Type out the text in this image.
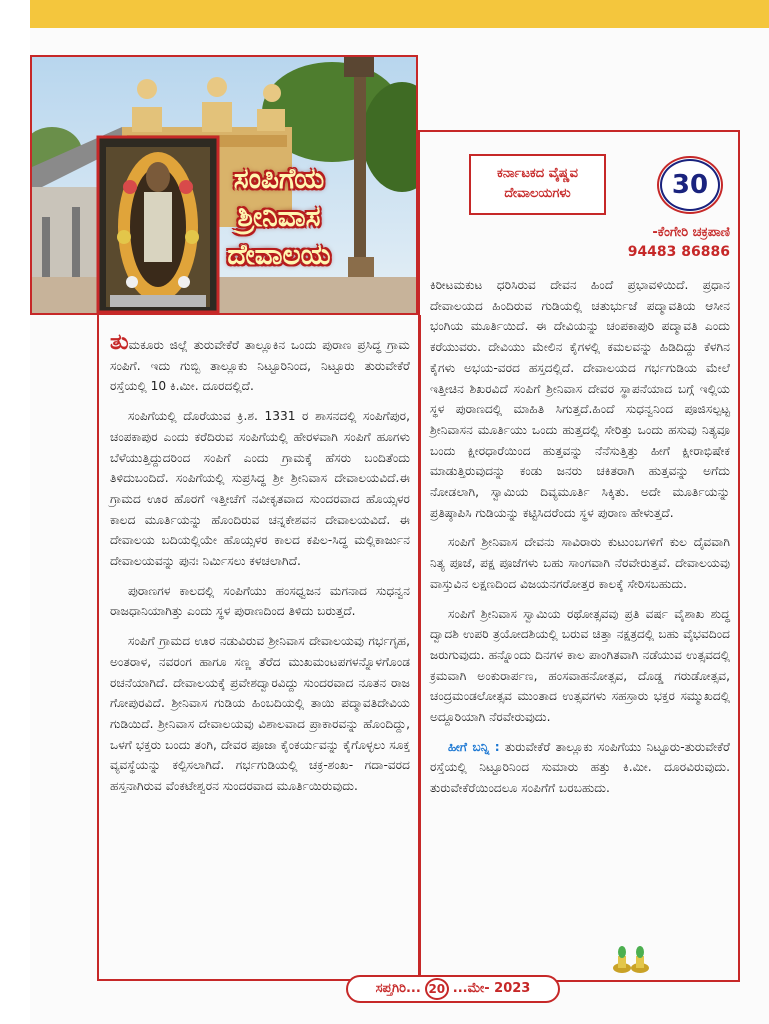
ಸಂಪಿಗೆಯ
ಶ್ರೀನಿವಾಸ
ದೇವಾಲಯ
ಕರ್ನಾಟಕದ ವೈಷ್ಣವ
ದೇವಾಲಯಗಳು	30
-ಕೆಂಗೇರಿ ಚಕ್ರಪಾಣಿ
94483 86886

ತುಮಕೂರು ಜಿಲ್ಲೆ ತುರುವೇಕೆರೆ ತಾಲ್ಲೂಕಿನ ಒಂದು ಪುರಾಣ ಪ್ರಸಿದ್ಧ ಗ್ರಾಮ ಸಂಪಿಗೆ. ಇದು ಗುಬ್ಬಿ ತಾಲ್ಲೂಕು ನಿಟ್ಟೂರಿನಿಂದ, ನಿಟ್ಟೂರು ತುರುವೇಕೆರೆ ರಸ್ತೆಯಲ್ಲಿ 10 ಕಿ.ಮೀ. ದೂರದಲ್ಲಿದೆ.

ಸಂಪಿಗೆಯಲ್ಲಿ ದೊರೆಯುವ ಕ್ರಿ.ಶ. 1331 ರ ಶಾಸನದಲ್ಲಿ ಸಂಪಿಗೆಪುರ, ಚಂಪಕಾಪುರ ಎಂದು ಕರೆದಿರುವ ಸಂಪಿಗೆಯಲ್ಲಿ ಹೇರಳವಾಗಿ ಸಂಪಿಗೆ ಹೂಗಳು ಬೆಳೆಯುತ್ತಿದ್ದುದರಿಂದ ಸಂಪಿಗೆ ಎಂದು ಗ್ರಾಮಕ್ಕೆ ಹೆಸರು ಬಂದಿತೆಂದು ತಿಳಿದುಬಂದಿದೆ. ಸಂಪಿಗೆಯಲ್ಲಿ ಸುಪ್ರಸಿದ್ಧ ಶ್ರೀ ಶ್ರೀನಿವಾಸ ದೇವಾಲಯವಿದೆ.ಈ ಗ್ರಾಮದ ಊರ ಹೊರಗೆ ಇತ್ತೀಚೆಗೆ ನವೀಕೃತವಾದ ಸುಂದರವಾದ ಹೊಯ್ಸಳರ ಕಾಲದ ಮೂರ್ತಿಯನ್ನು ಹೊಂದಿರುವ ಚನ್ನಕೇಶವನ ದೇವಾಲಯವಿದೆ. ಈ ದೇವಾಲಯ ಬದಿಯಲ್ಲಿಯೇ ಹೊಯ್ಸಳರ ಕಾಲದ ಕಪಿಲ-ಸಿದ್ಧ ಮಲ್ಲಿಕಾರ್ಜುನ ದೇವಾಲಯವನ್ನು ಪುನಃ ನಿರ್ಮಿಸಲು ಕಳಚಲಾಗಿದೆ.

ಪುರಾಣಗಳ ಕಾಲದಲ್ಲಿ ಸಂಪಿಗೆಯು ಹಂಸಧ್ವಜನ ಮಗನಾದ ಸುಧನ್ವನ ರಾಜಧಾನಿಯಾಗಿತ್ತು ಎಂದು ಸ್ಥಳ ಪುರಾಣದಿಂದ ತಿಳಿದು ಬರುತ್ತದೆ.

ಸಂಪಿಗೆ ಗ್ರಾಮದ ಊರ ನಡುವಿರುವ ಶ್ರೀನಿವಾಸ ದೇವಾಲಯವು ಗರ್ಭಗೃಹ, ಅಂತರಾಳ, ನವರಂಗ ಹಾಗೂ ಸಣ್ಣ ತೆರೆದ ಮುಖಮಂಟಪಗಳನ್ನೊಳಗೊಂಡ ರಚನೆಯಾಗಿದೆ. ದೇವಾಲಯಕ್ಕೆ ಪ್ರವೇಶದ್ವಾರವಿದ್ದು ಸುಂದರವಾದ ನೂತನ ರಾಜ ಗೋಪುರವಿದೆ. ಶ್ರೀನಿವಾಸ ಗುಡಿಯ ಹಿಂಬದಿಯಲ್ಲಿ ತಾಯಿ ಪದ್ಮಾವತಿದೇವಿಯ ಗುಡಿಯಿದೆ. ಶ್ರೀನಿವಾಸ ದೇವಾಲಯವು ವಿಶಾಲವಾದ ಪ್ರಾಕಾರವನ್ನು ಹೊಂದಿದ್ದು, ಒಳಗೆ ಭಕ್ತರು ಬಂದು ತಂಗಿ, ದೇವರ ಪೂಜಾ ಕೈಂಕರ್ಯವನ್ನು ಕೈಗೊಳ್ಳಲು ಸೂಕ್ತ ವ್ಯವಸ್ಥೆಯನ್ನು ಕಲ್ಪಿಸಲಾಗಿದೆ. ಗರ್ಭಗುಡಿಯಲ್ಲಿ ಚಕ್ರ-ಶಂಖ- ಗದಾ-ವರದ ಹಸ್ತನಾಗಿರುವ ವೆಂಕಟೇಶ್ವರನ ಸುಂದರವಾದ ಮೂರ್ತಿಯಿರುವುದು.

ಕಿರೀಟಮಕುಟ ಧರಿಸಿರುವ ದೇವನ ಹಿಂದೆ ಪ್ರಭಾವಳಿಯಿದೆ. ಪ್ರಧಾನ ದೇವಾಲಯದ ಹಿಂದಿರುವ ಗುಡಿಯಲ್ಲಿ ಚತುರ್ಭುಜೆ ಪದ್ಮಾವತಿಯ ಆಸೀನ ಭಂಗಿಯ ಮೂರ್ತಿಯಿದೆ. ಈ ದೇವಿಯನ್ನು ಚಂಪಕಾಪುರಿ ಪದ್ಮಾವತಿ ಎಂದು ಕರೆಯುವರು. ದೇವಿಯು ಮೇಲಿನ ಕೈಗಳಲ್ಲಿ ಕಮಲವನ್ನು ಹಿಡಿದಿದ್ದು ಕೆಳಗಿನ ಕೈಗಳು ಅಭಯ-ವರದ ಹಸ್ತದಲ್ಲಿದೆ. ದೇವಾಲಯದ ಗರ್ಭಗುಡಿಯ ಮೇಲೆ ಇತ್ತೀಚಿನ ಶಿಖರವಿದೆ ಸಂಪಿಗೆ ಶ್ರೀನಿವಾಸ ದೇವರ ಸ್ಥಾಪನೆಯಾದ ಬಗ್ಗೆ ಇಲ್ಲಿಯ ಸ್ಥಳ ಪುರಾಣದಲ್ಲಿ ಮಾಹಿತಿ ಸಿಗುತ್ತದೆ.ಹಿಂದೆ ಸುಧನ್ವನಿಂದ ಪೂಜಿಸಲ್ಪಟ್ಟ ಶ್ರೀನಿವಾಸನ ಮೂರ್ತಿಯು ಒಂದು ಹುತ್ತದಲ್ಲಿ ಸೇರಿತ್ತು ಒಂದು ಹಸುವು ನಿತ್ಯವೂ ಬಂದು ಕ್ಷೀರಧಾರೆಯಿಂದ ಹುತ್ತವನ್ನು ನೆನೆಸುತ್ತಿತ್ತು ಹೀಗೆ ಕ್ಷೀರಾಭಿಷೇಕ ಮಾಡುತ್ತಿರುವುದನ್ನು ಕಂಡು ಜನರು ಚಕಿತರಾಗಿ ಹುತ್ತವನ್ನು ಅಗೆದು ನೋಡಲಾಗಿ, ಸ್ವಾಮಿಯ ದಿವ್ಯಮೂರ್ತಿ ಸಿಕ್ಕಿತು. ಅದೇ ಮೂರ್ತಿಯನ್ನು ಪ್ರತಿಷ್ಠಾಪಿಸಿ ಗುಡಿಯನ್ನು ಕಟ್ಟಿಸಿದರೆಂದು ಸ್ಥಳ ಪುರಾಣ ಹೇಳುತ್ತದೆ.

ಸಂಪಿಗೆ ಶ್ರೀನಿವಾಸ ದೇವನು ಸಾವಿರಾರು ಕುಟುಂಬಗಳಿಗೆ ಕುಲ ದೈವವಾಗಿ ನಿತ್ಯ ಪೂಜೆ, ಪಕ್ಷ ಪೂಜೆಗಳು ಬಹು ಸಾಂಗವಾಗಿ ನೆರವೇರುತ್ತವೆ. ದೇವಾಲಯವು ವಾಸ್ತುವಿನ ಲಕ್ಷಣದಿಂದ ವಿಜಯನಗರೋತ್ತರ ಕಾಲಕ್ಕೆ ಸೇರಿಸಬಹುದು.

ಸಂಪಿಗೆ ಶ್ರೀನಿವಾಸ ಸ್ವಾಮಿಯ ರಥೋತ್ಸವವು ಪ್ರತಿ ವರ್ಷ ವೈಶಾಖ ಶುದ್ಧ ದ್ವಾದಶಿ ಉಪರಿ ತ್ರಯೋದಶಿಯಲ್ಲಿ ಬರುವ ಚಿತ್ತಾ ನಕ್ಷತ್ರದಲ್ಲಿ ಬಹು ವೈಭವದಿಂದ ಜರುಗುವುದು. ಹನ್ನೊಂದು ದಿನಗಳ ಕಾಲ ಪಾಂಗಿತವಾಗಿ ನಡೆಯುವ ಉತ್ಸವದಲ್ಲಿ ಕ್ರಮವಾಗಿ ಅಂಕುರಾರ್ಪಣ, ಹಂಸವಾಹನೋತ್ಸವ, ದೊಡ್ಡ ಗರುಡೋತ್ಸವ, ಚಂದ್ರಮಂಡಲೋತ್ಸವ ಮುಂತಾದ ಉತ್ಸವಗಳು ಸಹಸ್ರಾರು ಭಕ್ತರ ಸಮ್ಮುಖದಲ್ಲಿ ಅದ್ದೂರಿಯಾಗಿ ನೆರವೇರುವುದು.

ಹೀಗೆ ಬನ್ನಿ : ತುರುವೇಕೆರೆ ತಾಲ್ಲೂಕು ಸಂಪಿಗೆಯು ನಿಟ್ಟೂರು-ತುರುವೇಕೆರೆ ರಸ್ತೆಯಲ್ಲಿ ನಿಟ್ಟೂರಿನಿಂದ ಸುಮಾರು ಹತ್ತು ಕಿ.ಮೀ. ದೂರವಿರುವುದು. ತುರುವೇಕೆರೆಯಿಂದಲೂ ಸಂಪಿಗೆಗೆ ಬರಬಹುದು.

ಸಪ್ತಗಿರಿ... 20 ...ಮೇ- 2023
